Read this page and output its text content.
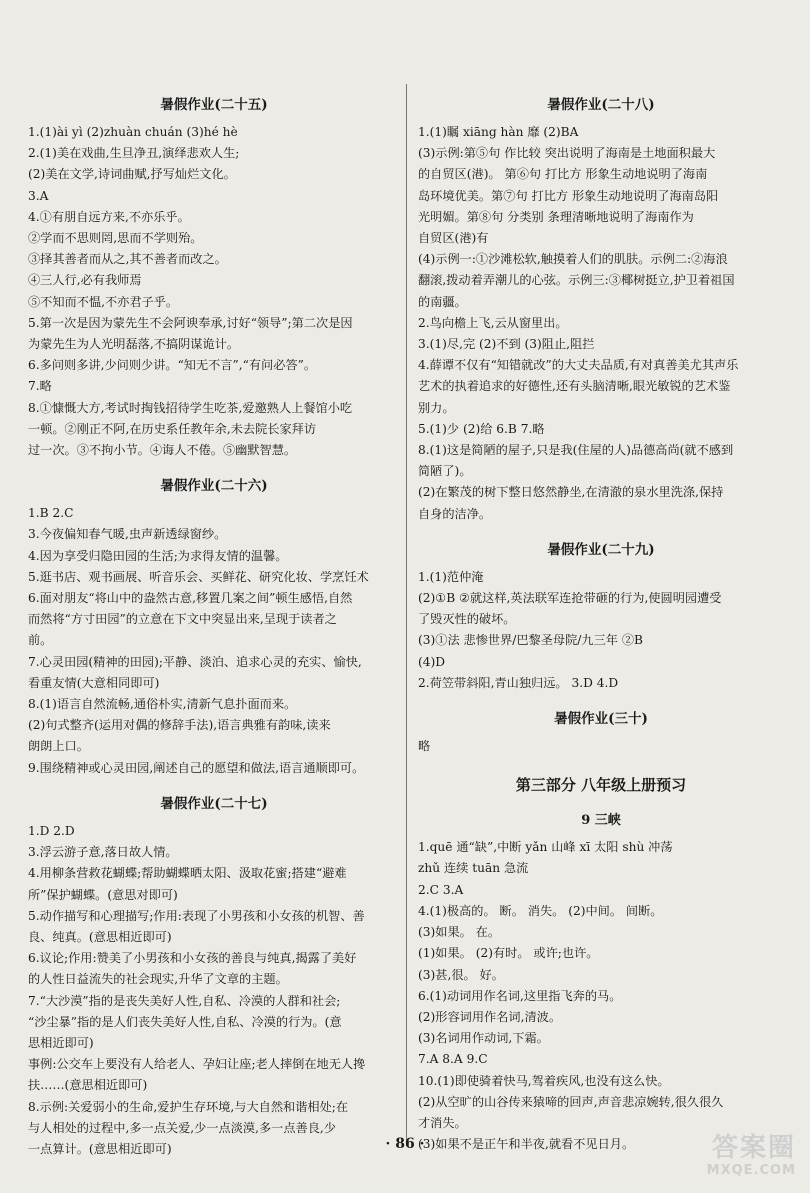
暑假作业(二十五)
1.(1)ài yì (2)zhuàn chuán (3)hé hè
2.(1)美在戏曲,生旦净丑,演绎悲欢人生;
(2)美在文学,诗词曲赋,抒写灿烂文化。
3.A
4.①有朋自远方来,不亦乐乎。
②学而不思则罔,思而不学则殆。
③择其善者而从之,其不善者而改之。
④三人行,必有我师焉
⑤不知而不愠,不亦君子乎。
5.第一次是因为蒙先生不会阿谀奉承,讨好“领导”;第二次是因
为蒙先生为人光明磊落,不搞阴谋诡计。
6.多问则多讲,少问则少讲。“知无不言”,“有问必答”。
7.略
8.①慷慨大方,考试时掏钱招待学生吃茶,爱邀熟人上餐馆小吃
一顿。②刚正不阿,在历史系任教年余,未去院长家拜访
过一次。③不拘小节。④诲人不倦。⑤幽默智慧。
暑假作业(二十六)
1.B 2.C
3.今夜偏知春气暖,虫声新透绿窗纱。
4.因为享受归隐田园的生活;为求得友情的温馨。
5.逛书店、观书画展、听音乐会、买鲜花、研究化妆、学烹饪术
6.面对朋友“将山中的盎然古意,移置几案之间”顿生感悟,自然
而然将“方寸田园”的立意在下文中突显出来,呈现于读者之
前。
7.心灵田园(精神的田园);平静、淡泊、追求心灵的充实、愉快,
看重友情(大意相同即可)
8.(1)语言自然流畅,通俗朴实,清新气息扑面而来。
(2)句式整齐(运用对偶的修辞手法),语言典雅有韵味,读来
朗朗上口。
9.围绕精神或心灵田园,阐述自己的愿望和做法,语言通顺即可。
暑假作业(二十七)
1.D 2.D
3.浮云游子意,落日故人情。
4.用柳条营救花蝴蝶;帮助蝴蝶晒太阳、汲取花蜜;搭建“避难
所”保护蝴蝶。(意思对即可)
5.动作描写和心理描写;作用:表现了小男孩和小女孩的机智、善
良、纯真。(意思相近即可)
6.议论;作用:赞美了小男孩和小女孩的善良与纯真,揭露了美好
的人性日益流失的社会现实,升华了文章的主题。
7.“大沙漠”指的是丧失美好人性,自私、冷漠的人群和社会;
“沙尘暴”指的是人们丧失美好人性,自私、冷漠的行为。(意
思相近即可)
事例:公交车上要没有人给老人、孕妇让座;老人摔倒在地无人搀
扶……(意思相近即可)
8.示例:关爱弱小的生命,爱护生存环境,与大自然和谐相处;在
与人相处的过程中,多一点关爱,少一点淡漠,多一点善良,少
一点算计。(意思相近即可)
暑假作业(二十八)
1.(1)瞩 xiāng hàn 靡 (2)BA
(3)示例:第⑤句 作比较 突出说明了海南是土地面积最大
的自贸区(港)。 第⑥句 打比方 形象生动地说明了海南
岛环境优美。第⑦句 打比方 形象生动地说明了海南岛阳
光明媚。第⑧句 分类别 条理清晰地说明了海南作为
自贸区(港)有
(4)示例一:①沙滩松软,触摸着人们的肌肤。示例二:②海浪
翻滚,拨动着弄潮儿的心弦。示例三:③椰树挺立,护卫着祖国
的南疆。
2.鸟向檐上飞,云从窗里出。
3.(1)尽,完 (2)不到 (3)阻止,阻拦
4.薛谭不仅有“知错就改”的大丈夫品质,有对真善美尤其声乐
艺术的执着追求的好德性,还有头脑清晰,眼光敏锐的艺术鉴
别力。
5.(1)少 (2)给 6.B 7.略
8.(1)这是简陋的屋子,只是我(住屋的人)品德高尚(就不感到
简陋了)。
(2)在繁茂的树下整日悠然静坐,在清澈的泉水里洗涤,保持
自身的洁净。
暑假作业(二十九)
1.(1)范仲淹
(2)①B ②就这样,英法联军连抢带砸的行为,使圆明园遭受
了毁灭性的破坏。
(3)①法 悲惨世界/巴黎圣母院/九三年 ②B
(4)D
2.荷笠带斜阳,青山独归远。 3.D 4.D
暑假作业(三十)
略
第三部分 八年级上册预习
9 三峡
1.quē 通“缺”,中断 yǎn 山峰 xī 太阳 shù 冲荡
zhǔ 连续 tuān 急流
2.C 3.A
4.(1)极高的。 断。 消失。 (2)中间。 间断。
(3)如果。 在。
(1)如果。 (2)有时。 或许;也许。
(3)甚,很。 好。
6.(1)动词用作名词,这里指飞奔的马。
(2)形容词用作名词,清波。
(3)名词用作动词,下霜。
7.A 8.A 9.C
10.(1)即使骑着快马,驾着疾风,也没有这么快。
(2)从空旷的山谷传来猿啼的回声,声音悲凉婉转,很久很久
才消失。
(3)如果不是正午和半夜,就看不见日月。
· 86 ·	答案圈
MXQE.COM
